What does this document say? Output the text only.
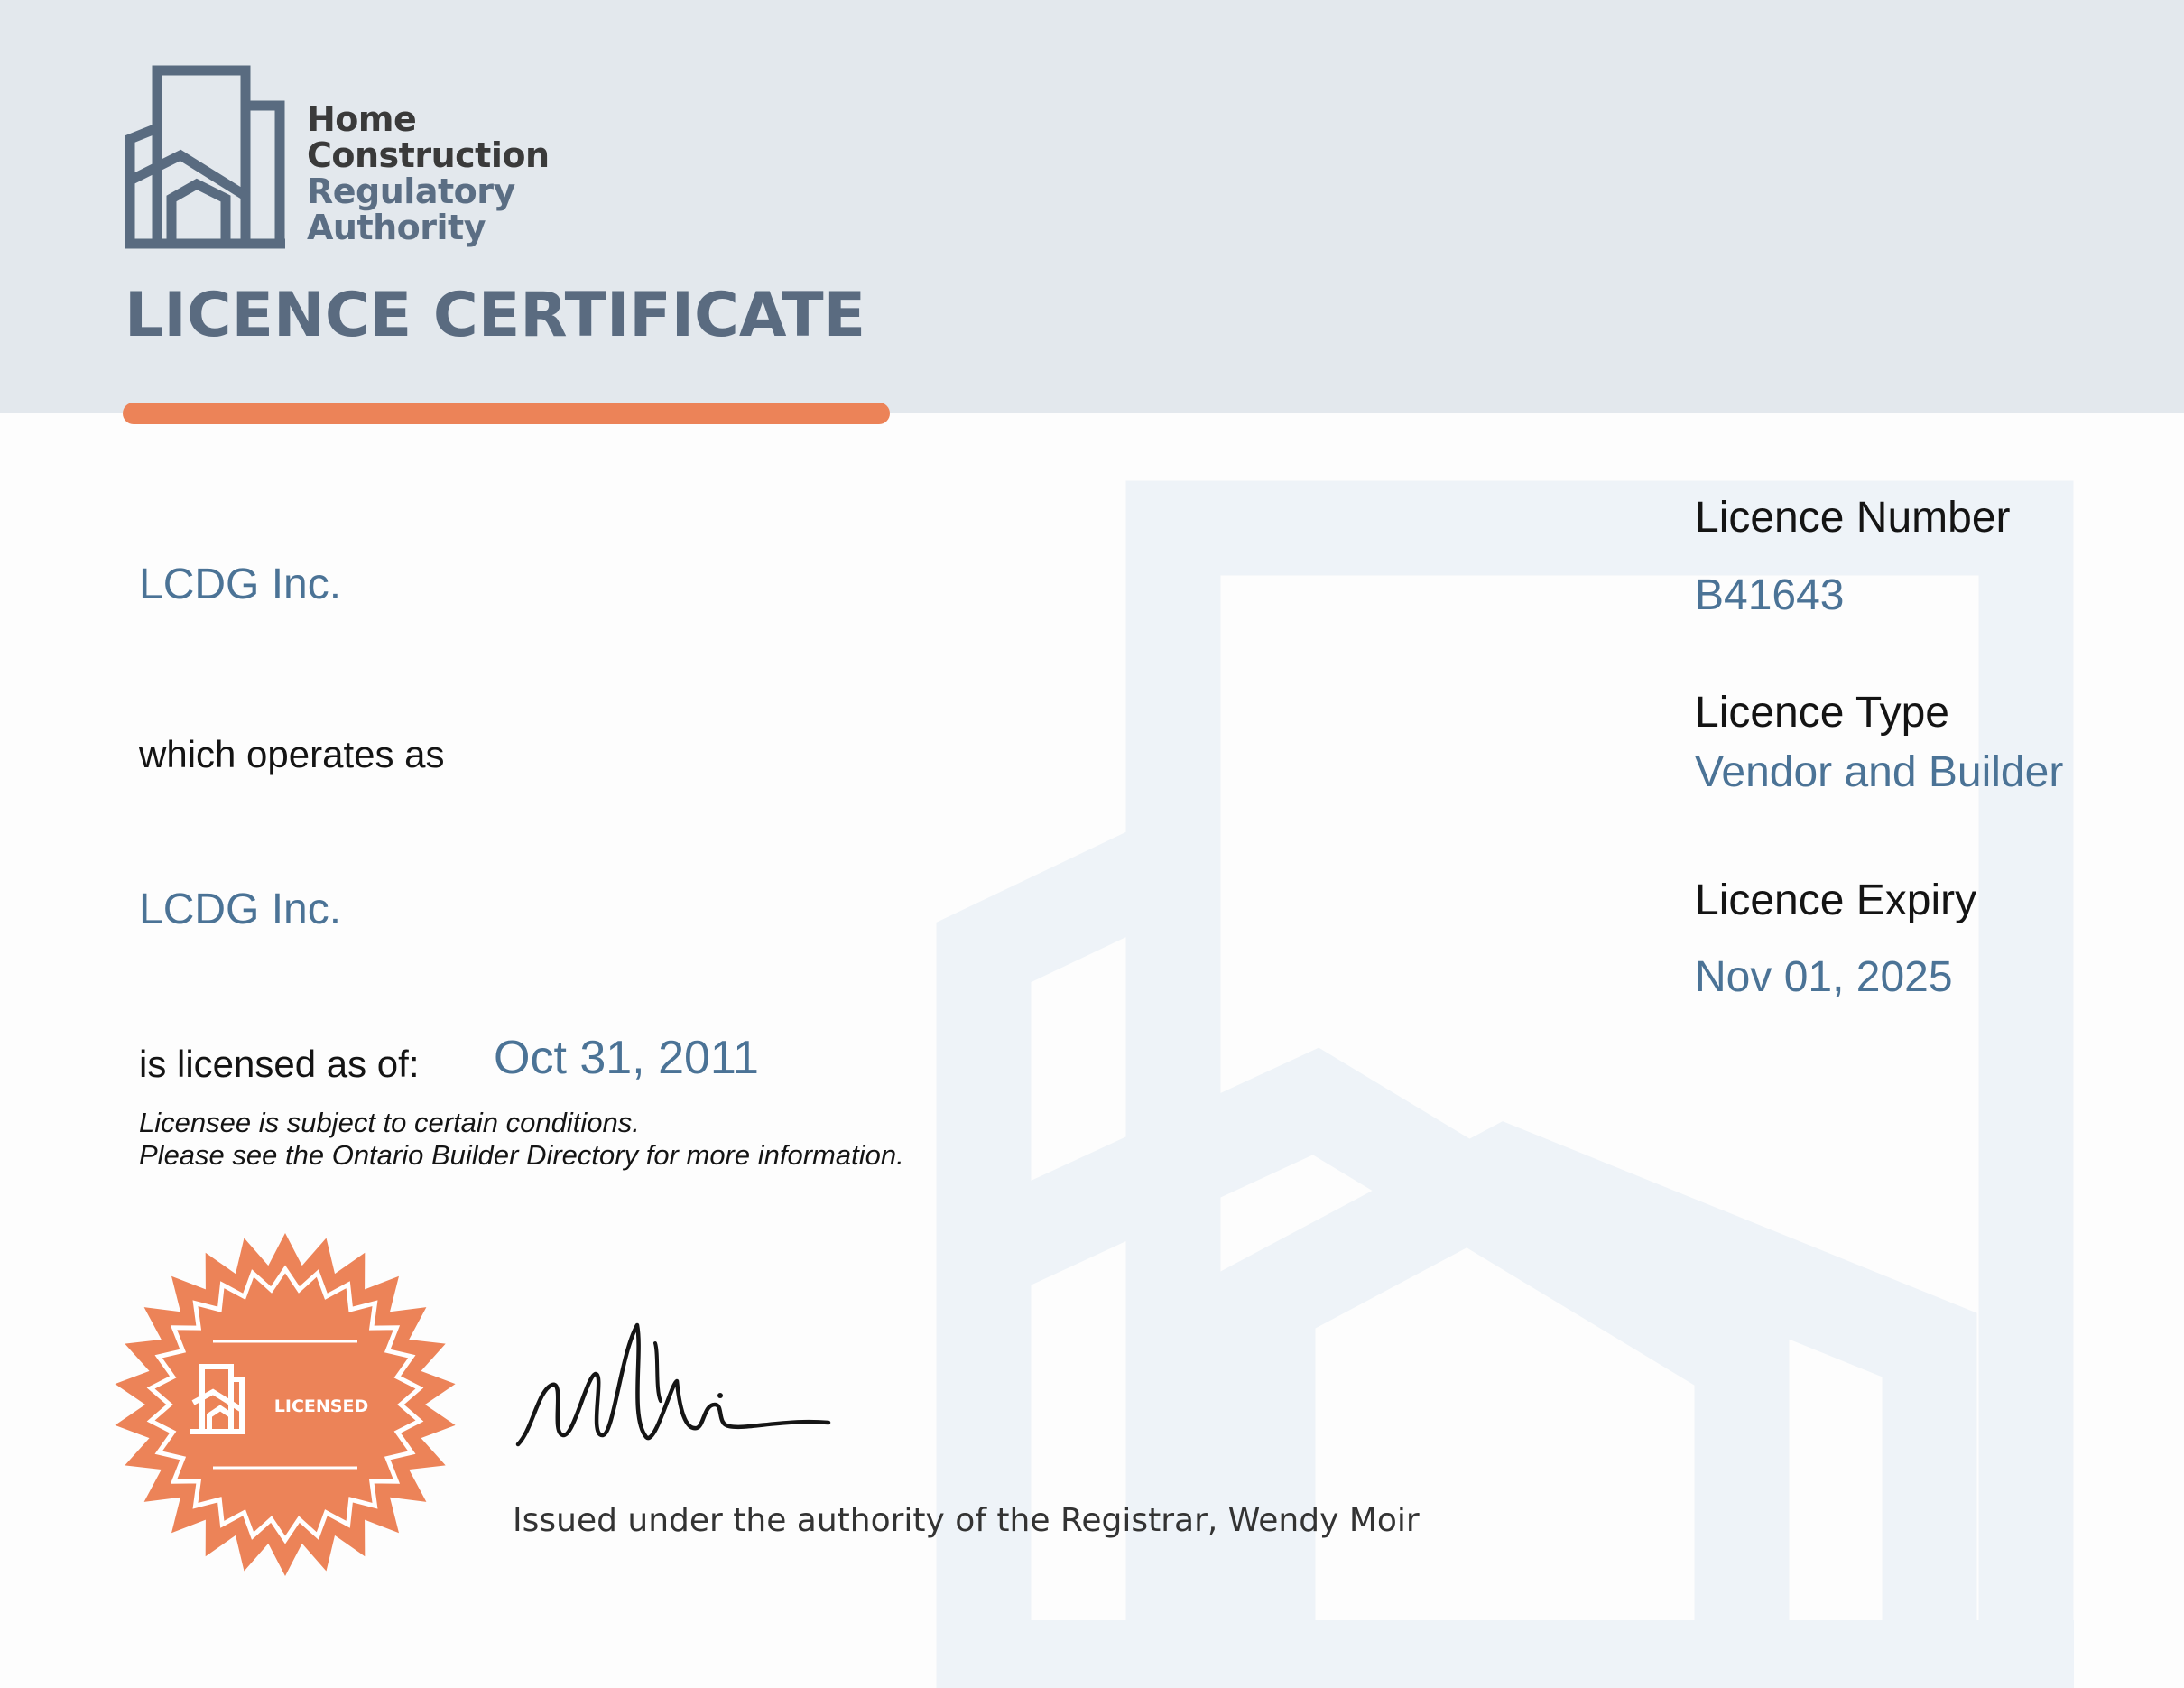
Home
Construction
Regulatory
Authority
LICENCE CERTIFICATE
LCDG Inc.
which operates as
LCDG Inc.
is licensed as of: Oct 31, 2011
Licensee is subject to certain conditions.
Please see the Ontario Builder Directory for more information.
Licence Number
B41643
Licence Type
Vendor and Builder
Licence Expiry
Nov 01, 2025
LICENSED
Issued under the authority of the Registrar, Wendy Moir
